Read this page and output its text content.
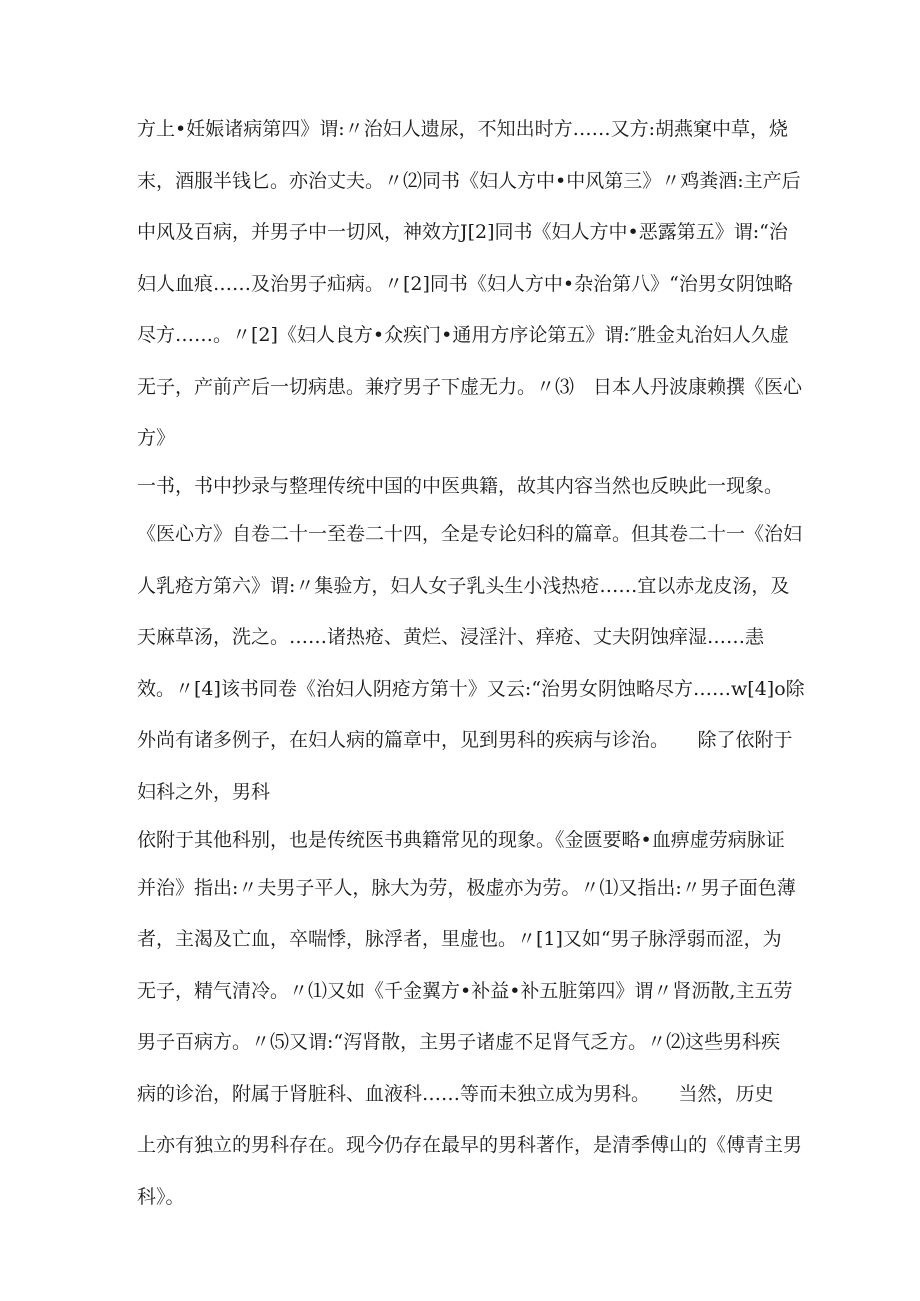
方上•妊娠诸病第四》谓:〃治妇人遗尿，不知出时方……又方:胡燕窠中草，烧
末，酒服半钱匕。亦治丈夫。〃⑵同书《妇人方中•中风第三》〃鸡粪酒:主产后
中风及百病，并男子中一切风，神效方J[2]同书《妇人方中•恶露第五》谓:“治
妇人血痕……及治男子疝病。〃[2]同书《妇人方中•杂治第八》“治男女阴蚀略
尽方……。〃[2]《妇人良方•众疾门•通用方序论第五》谓:″胜金丸治妇人久虚
无子，产前产后一切病患。兼疗男子下虚无力。〃⑶　日本人丹波康赖撰《医心
方》
一书，书中抄录与整理传统中国的中医典籍，故其内容当然也反映此一现象。
《医心方》自卷二十一至卷二十四，全是专论妇科的篇章。但其卷二十一《治妇
人乳疮方第六》谓:〃集验方，妇人女子乳头生小浅热疮……宜以赤龙皮汤，及
天麻草汤，洗之。……诸热疮、黄烂、浸淫汁、痒疮、丈夫阴蚀痒湿……恚
效。〃[4]该书同卷《治妇人阴疮方第十》又云:“治男女阴蚀略尽方……w[4]o除
外尚有诸多例子，在妇人病的篇章中，见到男科的疾病与诊治。　　除了依附于
妇科之外，男科
依附于其他科别，也是传统医书典籍常见的现象。《金匮要略•血痹虚劳病脉证
并治》指出:〃夫男子平人，脉大为劳，极虚亦为劳。〃⑴又指出:〃男子面色薄
者，主渴及亡血，卒喘悸，脉浮者，里虚也。〃[1]又如“男子脉浮弱而涩，为
无子，精气清冷。〃⑴又如《千金翼方•补益•补五脏第四》谓〃肾沥散,主五劳
男子百病方。〃⑸又谓:“泻肾散，主男子诸虚不足肾气乏方。〃⑵这些男科疾
病的诊治，附属于肾脏科、血液科……等而未独立成为男科。　　当然，历史
上亦有独立的男科存在。现今仍存在最早的男科著作，是清季傅山的《傅青主男
科》。
